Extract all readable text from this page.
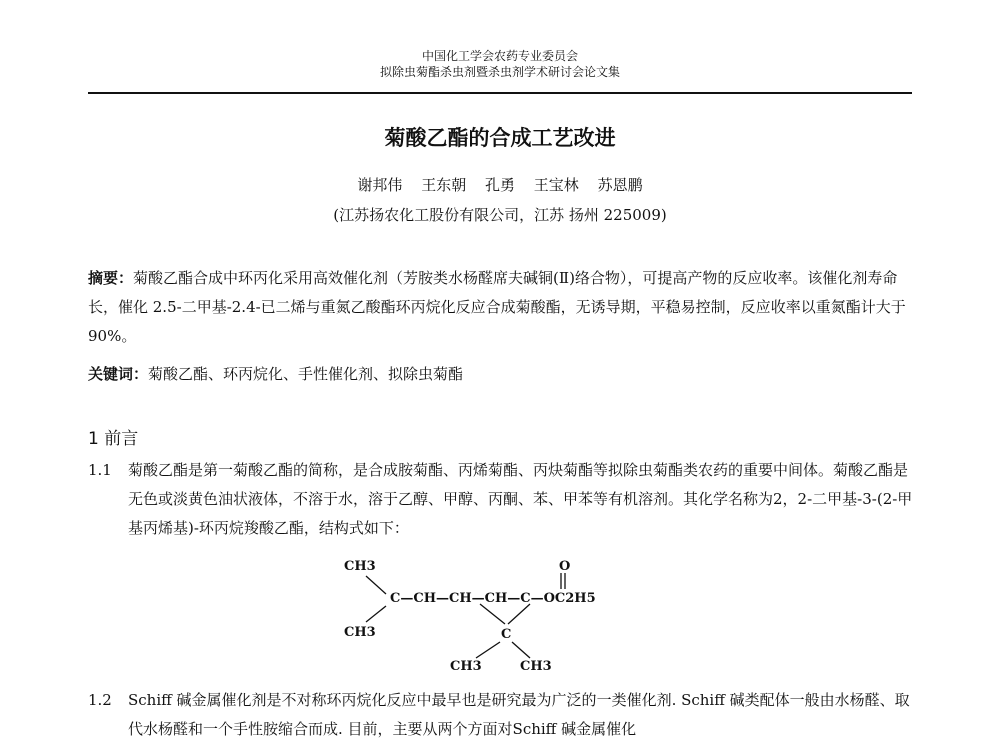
中国化工学会农药专业委员会
拟除虫菊酯杀虫剂暨杀虫剂学术研讨会论文集
菊酸乙酯的合成工艺改进
谢邦伟 王东朝 孔勇 王宝林 苏恩鹏
(江苏扬农化工股份有限公司，江苏 扬州 225009)
摘要：菊酸乙酯合成中环丙化采用高效催化剂（芳胺类水杨醛席夫碱铜(Ⅱ)络合物），可提高产物的反应收率。该催化剂寿命长，催化 2.5-二甲基-2.4-已二烯与重氮乙酸酯环丙烷化反应合成菊酸酯，无诱导期，平稳易控制，反应收率以重氮酯计大于 90%。
关键词：菊酸乙酯、环丙烷化、手性催化剂、拟除虫菊酯
1 前言
1.1	菊酸乙酯是第一菊酸乙酯的简称，是合成胺菊酯、丙烯菊酯、丙炔菊酯等拟除虫菊酯类农药的重要中间体。菊酸乙酯是无色或淡黄色油状液体，不溶于水，溶于乙醇、甲醇、丙酮、苯、甲苯等有机溶剂。其化学名称为2，2-二甲基-3-(2-甲基丙烯基)-环丙烷羧酸乙酯，结构式如下：
CH3
C—CH—CH—CH—C—OC2H5
CH3
O
C
CH3	CH3
1.2	Schiff 碱金属催化剂是不对称环丙烷化反应中最早也是研究最为广泛的一类催化剂. Schiff 碱类配体一般由水杨醛、取代水杨醛和一个手性胺缩合而成. 目前，主要从两个方面对Schiff 碱金属催化
